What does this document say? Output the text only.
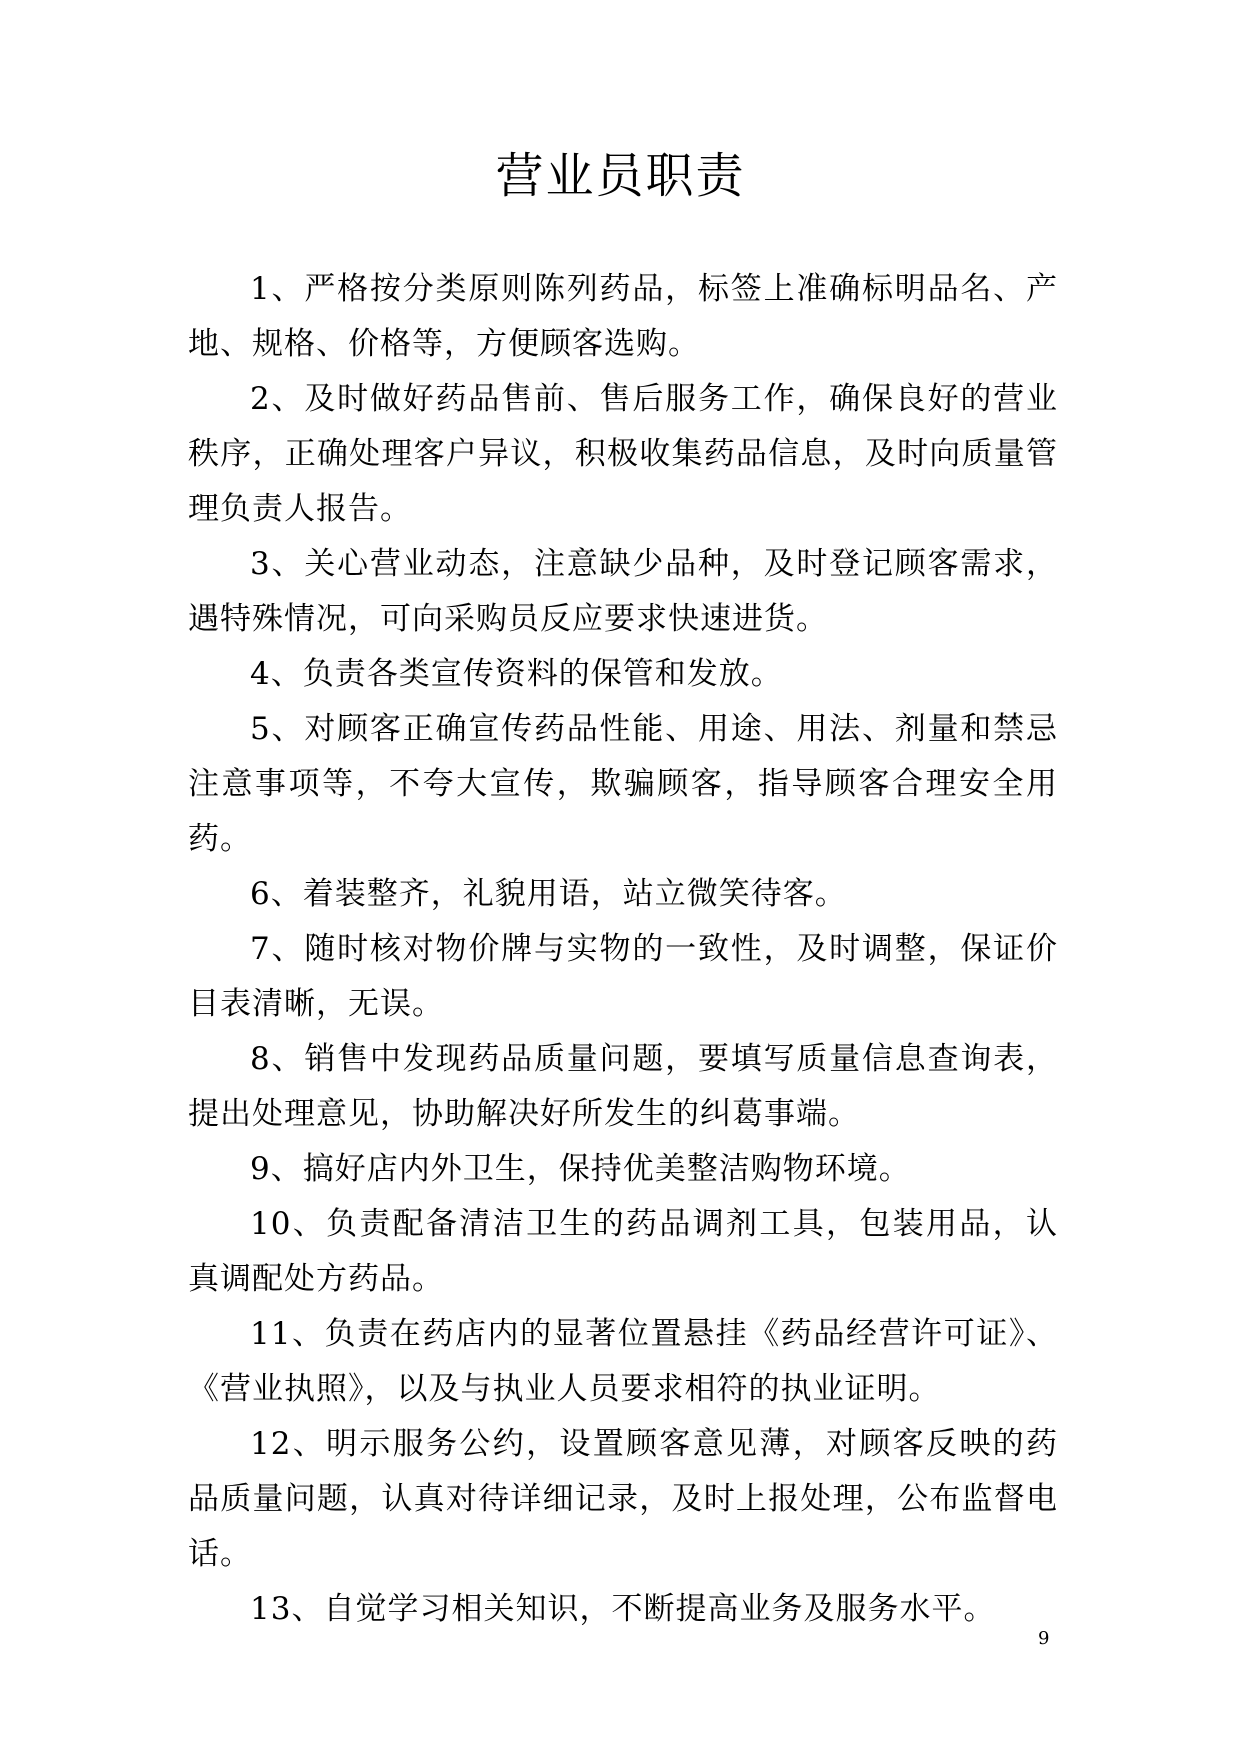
营业员职责

1、严格按分类原则陈列药品，标签上准确标明品名、产地、规格、价格等，方便顾客选购。

2、及时做好药品售前、售后服务工作，确保良好的营业秩序，正确处理客户异议，积极收集药品信息，及时向质量管理负责人报告。

3、关心营业动态，注意缺少品种，及时登记顾客需求，遇特殊情况，可向采购员反应要求快速进货。

4、负责各类宣传资料的保管和发放。

5、对顾客正确宣传药品性能、用途、用法、剂量和禁忌注意事项等，不夸大宣传，欺骗顾客，指导顾客合理安全用药。

6、着装整齐，礼貌用语，站立微笑待客。

7、随时核对物价牌与实物的一致性，及时调整，保证价目表清晰，无误。

8、销售中发现药品质量问题，要填写质量信息查询表，提出处理意见，协助解决好所发生的纠葛事端。

9、搞好店内外卫生，保持优美整洁购物环境。

10、负责配备清洁卫生的药品调剂工具，包装用品，认真调配处方药品。

11、负责在药店内的显著位置悬挂《药品经营许可证》、《营业执照》，以及与执业人员要求相符的执业证明。

12、明示服务公约，设置顾客意见薄，对顾客反映的药品质量问题，认真对待详细记录，及时上报处理，公布监督电话。

13、自觉学习相关知识，不断提高业务及服务水平。

9
